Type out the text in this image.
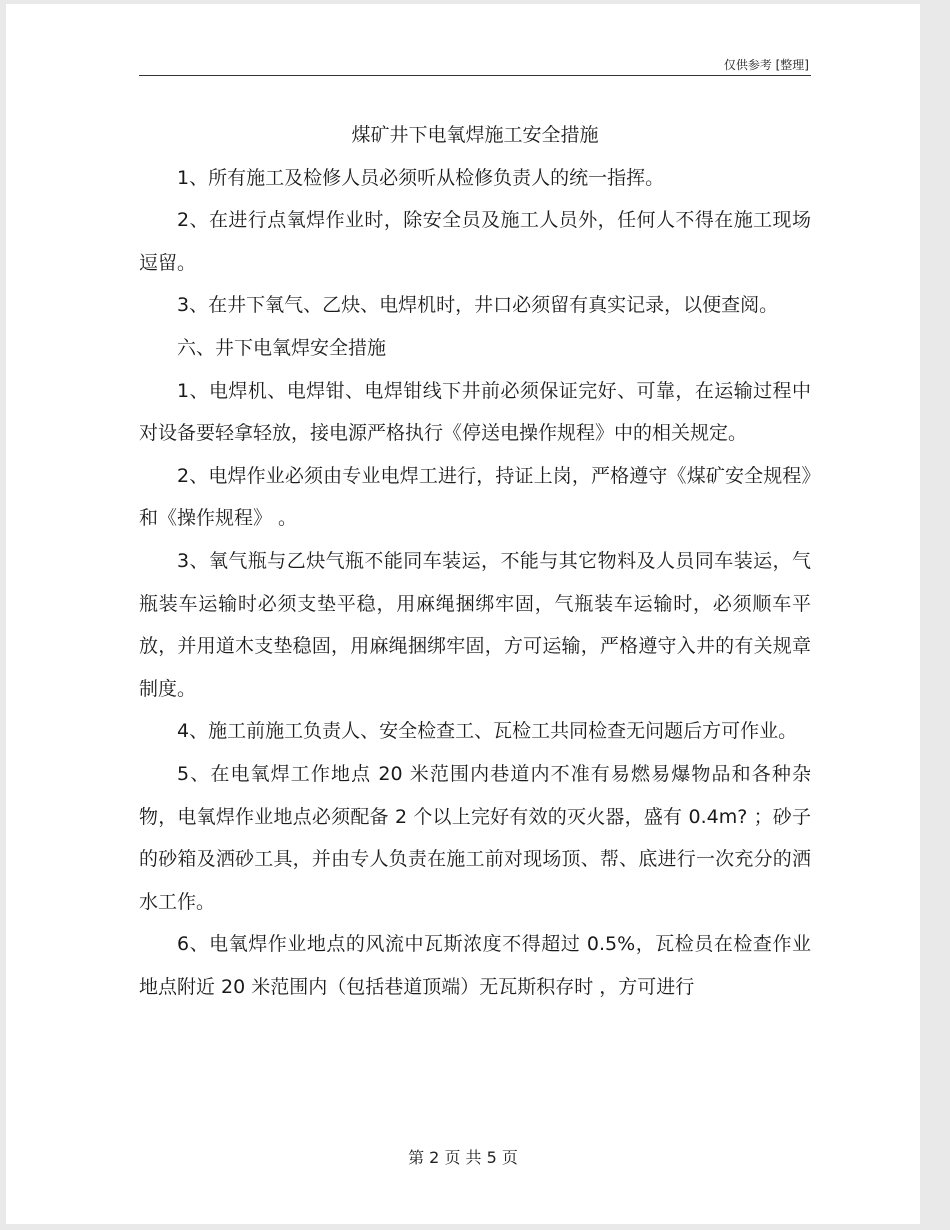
仅供参考 [整理]

煤矿井下电氧焊施工安全措施

1、所有施工及检修人员必须听从检修负责人的统一指挥。

2、在进行点氧焊作业时，除安全员及施工人员外，任何人不得在施工现场逗留。

3、在井下氧气、乙炔、电焊机时，井口必须留有真实记录，以便查阅。

六、井下电氧焊安全措施

1、电焊机、电焊钳、电焊钳线下井前必须保证完好、可靠，在运输过程中对设备要轻拿轻放，接电源严格执行《停送电操作规程》中的相关规定。

2、电焊作业必须由专业电焊工进行，持证上岗，严格遵守《煤矿安全规程》和《操作规程》 。

3、氧气瓶与乙炔气瓶不能同车装运，不能与其它物料及人员同车装运，气瓶装车运输时必须支垫平稳，用麻绳捆绑牢固，气瓶装车运输时，必须顺车平放，并用道木支垫稳固，用麻绳捆绑牢固，方可运输，严格遵守入井的有关规章制度。

4、施工前施工负责人、安全检查工、瓦检工共同检查无问题后方可作业。

5、在电氧焊工作地点 20 米范围内巷道内不准有易燃易爆物品和各种杂物，电氧焊作业地点必须配备 2 个以上完好有效的灭火器，盛有 0.4m? ；砂子的砂箱及洒砂工具，并由专人负责在施工前对现场顶、帮、底进行一次充分的洒水工作。

6、电氧焊作业地点的风流中瓦斯浓度不得超过 0.5%，瓦检员在检查作业地点附近 20 米范围内（包括巷道顶端）无瓦斯积存时 ，方可进行

第 2 页 共 5 页
